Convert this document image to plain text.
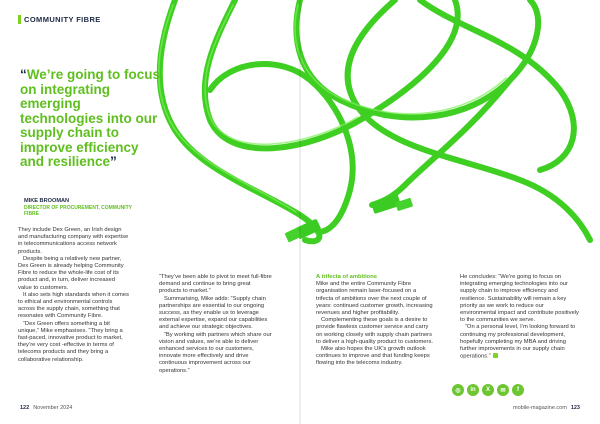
COMMUNITY FIBRE
“We’re going to focus on integrating emerging technologies into our supply chain to improve efficiency and resilience”
MIKE BROOMAN
DIRECTOR OF PROCUREMENT, COMMUNITY FIBRE

They include Dex Green, an Irish design and manufacturing company with expertise in telecommunications access network products.

Despite being a relatively new partner, Dex Green is already helping Community Fibre to reduce the whole-life cost of its product and, in turn, deliver increased value to customers.

It also sets high standards when it comes to ethical and environmental controls across the supply chain, something that resonates with Community Fibre.

“Dex Green offers something a bit unique,” Mike emphasises. “They bring a fast-paced, innovative product to market, they’re very cost -effective in terms of telecoms products and they bring a collaborative relationship.

“They’ve been able to pivot to meet full-fibre demand and continue to bring great products to market.”

Summarising, Mike adds: “Supply chain partnerships are essential to our ongoing success, as they enable us to leverage external expertise, expand our capabilities and achieve our strategic objectives.

“By working with partners which share our vision and values, we’re able to deliver enhanced services to our customers, innovate more effectively and drive continuous improvement across our operations.”

A trifecta of ambitions

Mike and the entire Community Fibre organisation remain laser-focused on a trifecta of ambitions over the next couple of years: continued customer growth, increasing revenues and higher profitability.

Complementing these goals is a desire to provide flawless customer service and carry on working closely with supply chain partners to deliver a high-quality product to customers.

Mike also hopes the UK’s growth outlook continues to improve and that funding keeps flowing into the telecoms industry.

He concludes: “We’re going to focus on integrating emerging technologies into our supply chain to improve efficiency and resilience. Sustainability will remain a key priority as we work to reduce our environmental impact and contribute positively to the communities we serve.

“On a personal level, I’m looking forward to continuing my professional development, hopefully completing my MBA and driving further improvements in our supply chain operations.”

◎	in	X	✉	f
122 November 2024	mobile-magazine.com 123
